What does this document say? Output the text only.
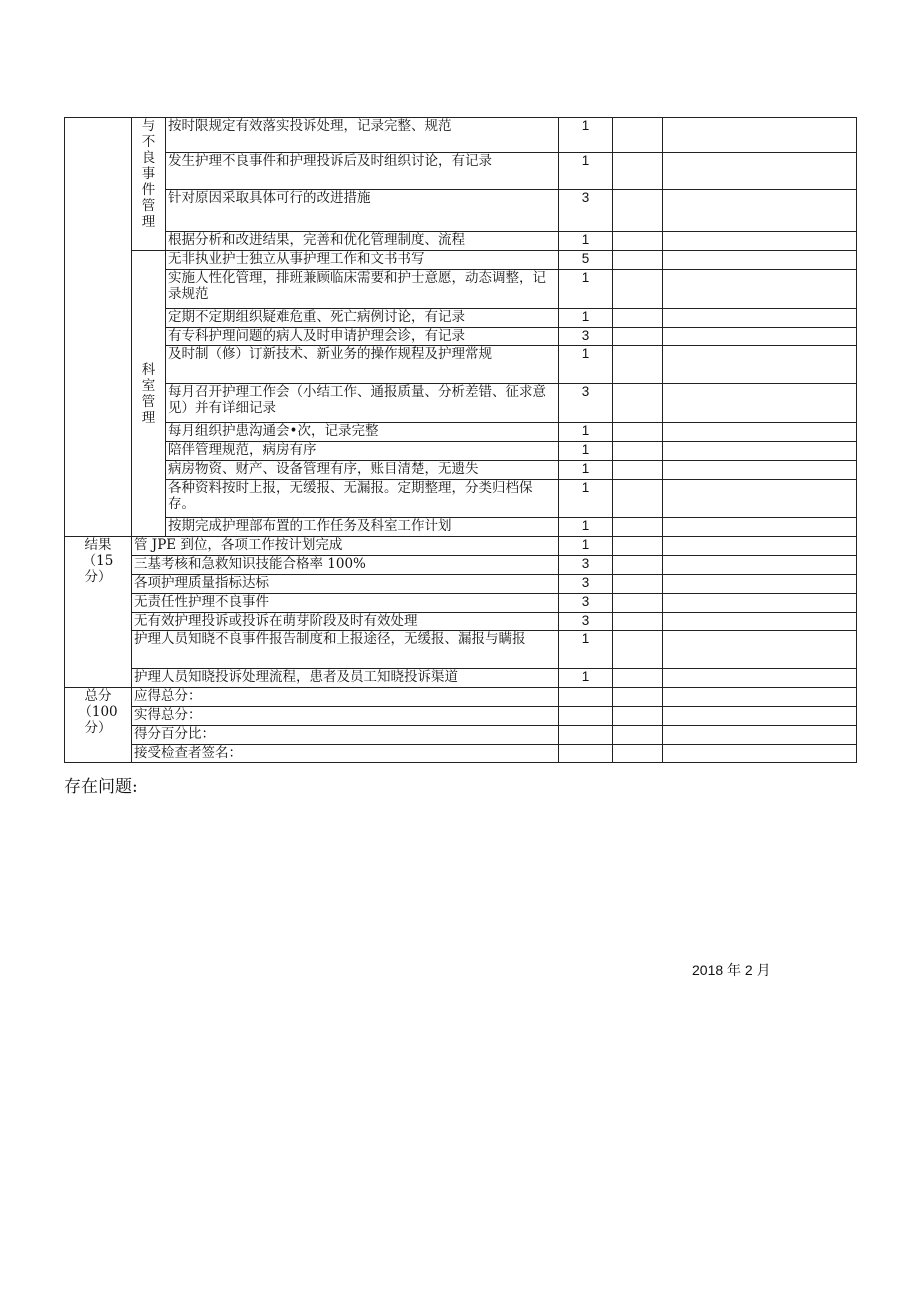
	与不良事件管理	按时限规定有效落实投诉处理，记录完整、规范	1		
		发生护理不良事件和护理投诉后及时组织讨论，有记录	1		
		针对原因采取具体可行的改进措施	3		
		根据分析和改进结果，完善和优化管理制度、流程	1		

	科室管理	无非执业护士独立从事护理工作和文书书写	5		
		实施人性化管理，排班兼顾临床需要和护士意愿，动态调整，记录规范	1		
		定期不定期组织疑难危重、死亡病例讨论，有记录	1		
		有专科护理问题的病人及时申请护理会诊，有记录	3		
		及时制（修）订新技术、新业务的操作规程及护理常规	1		
		每月召开护理工作会（小结工作、通报质量、分析差错、征求意见）并有详细记录	3		
		每月组织护患沟通会•次，记录完整	1		
		陪伴管理规范，病房有序	1		
		病房物资、财产、设备管理有序，账目清楚，无遗失	1		
		各种资料按时上报，无缓报、无漏报。定期整理，分类归档保存。	1		
		按期完成护理部布置的工作任务及科室工作计划	1		
结果
（15
分）	管 JPE 到位，各项工作按计划完成		1		
	三基考核和急救知识技能合格率 100%		3		
	各项护理质量指标达标		3		
	无责任性护理不良事件		3		
	无有效护理投诉或投诉在萌芽阶段及时有效处理		3		
	护理人员知晓不良事件报告制度和上报途径，无缓报、漏报与瞒报		1		
	护理人员知晓投诉处理流程，患者及员工知晓投诉渠道		1		
总分
（100
分）	应得总分：				
	实得总分：				
	得分百分比：				
	接受检查者签名：				
存在问题:
2018 年 2 月
